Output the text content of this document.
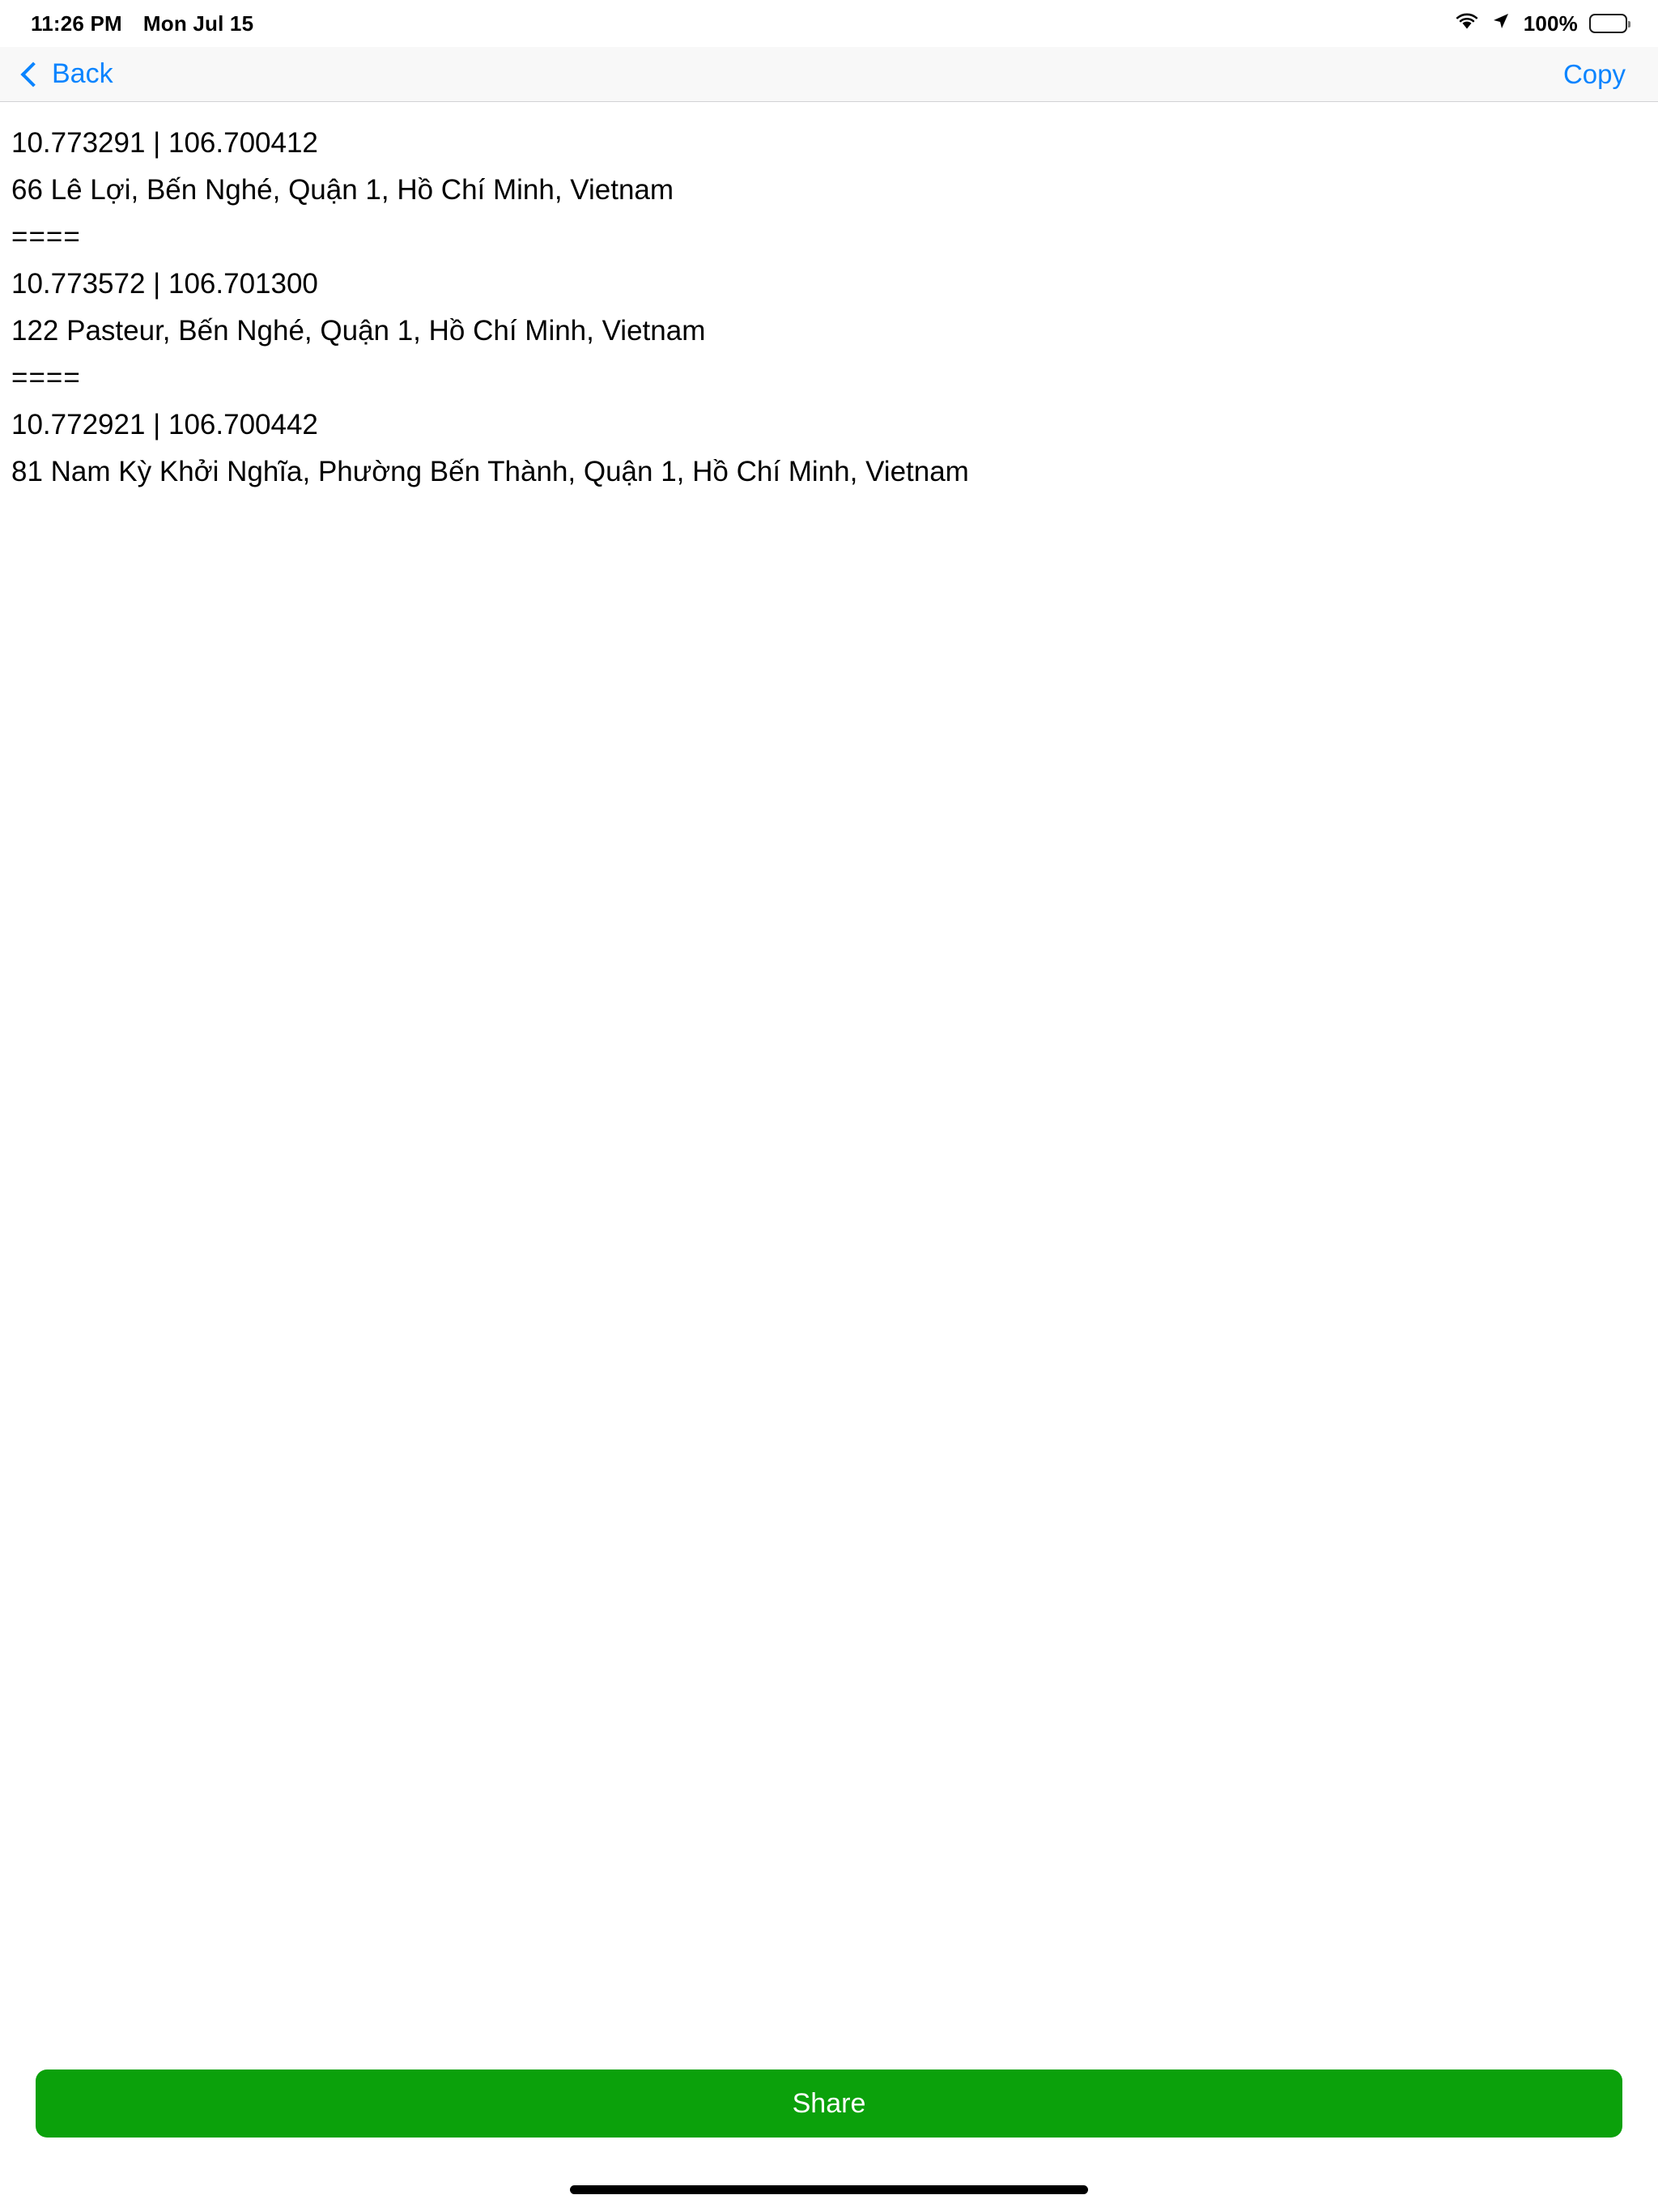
11:26 PM Mon Jul 15	100%
Back	Copy
10.773291 | 106.700412
66 Lê Lợi, Bến Nghé, Quận 1, Hồ Chí Minh, Vietnam
====
10.773572 | 106.701300
122 Pasteur, Bến Nghé, Quận 1, Hồ Chí Minh, Vietnam
====
10.772921 | 106.700442
81 Nam Kỳ Khởi Nghĩa, Phường Bến Thành, Quận 1, Hồ Chí Minh, Vietnam
Share
